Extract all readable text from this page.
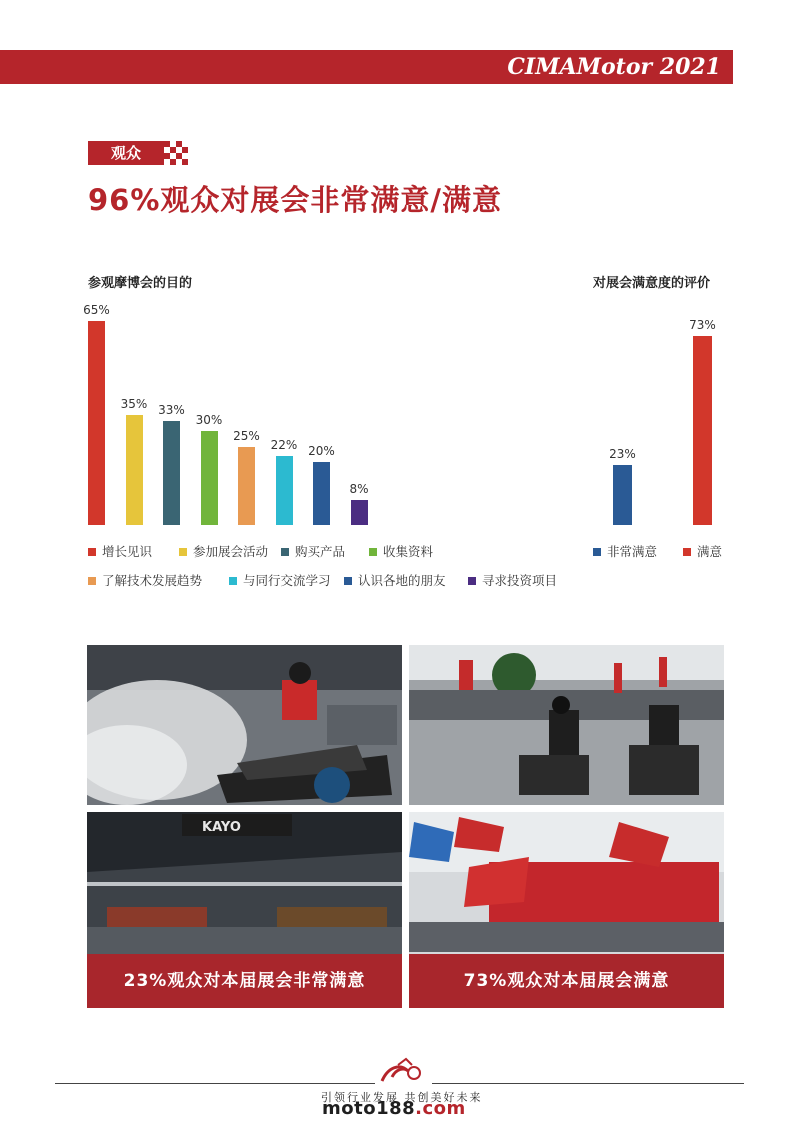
CIMAMotor 2021
观众
96%观众对展会非常满意/满意
参观摩博会的目的
65%
35% 33%
30%
25%
22% 20%
8%
增长见识	参加展会活动	购买产品	收集资料
了解技术发展趋势	与同行交流学习	认识各地的朋友	寻求投资项目
对展会满意度的评价
23%
73%
非常满意	满意
KAYO
23%观众对本届展会非常满意	73%观众对本届展会满意
引领行业发展 共创美好未来
moto188.com
